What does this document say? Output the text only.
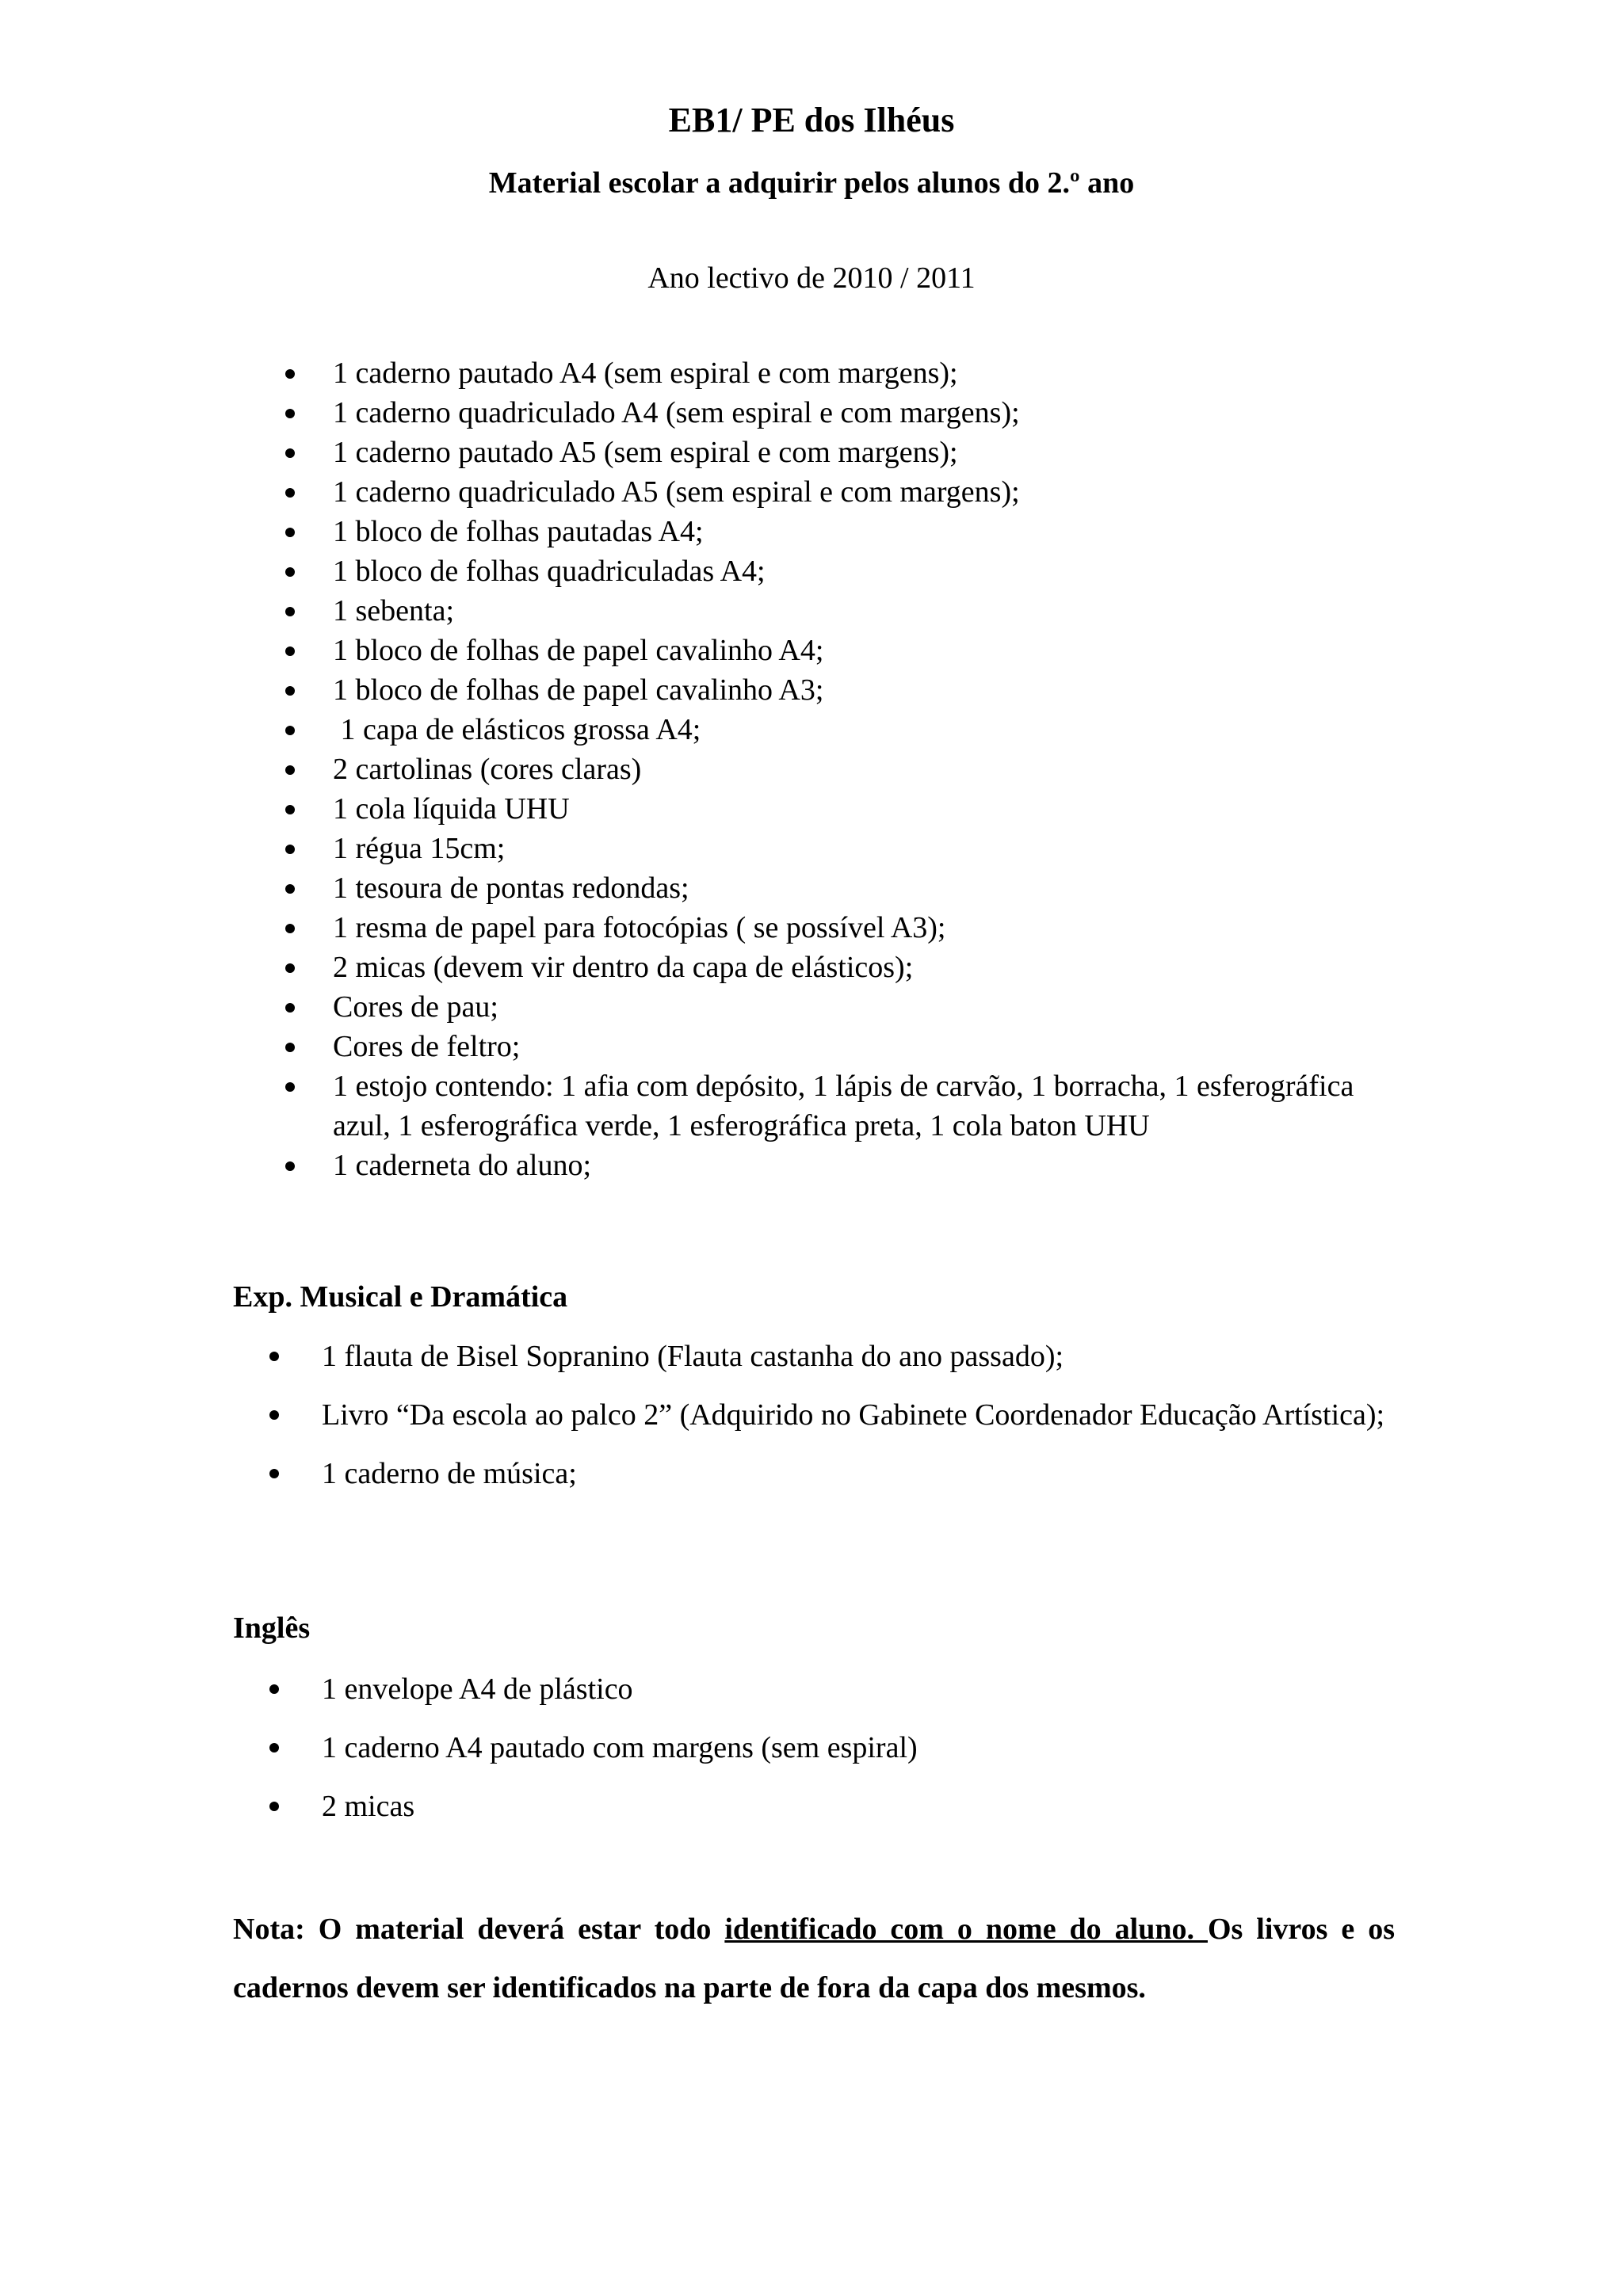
EB1/ PE dos Ilhéus
Material escolar a adquirir pelos alunos do 2.º ano
Ano lectivo de 2010 / 2011
1 caderno pautado A4 (sem espiral e com margens);
1 caderno quadriculado A4 (sem espiral e com margens);
1 caderno pautado A5 (sem espiral e com margens);
1 caderno quadriculado A5 (sem espiral e com margens);
1 bloco de folhas pautadas A4;
1 bloco de folhas quadriculadas A4;
1 sebenta;
1 bloco de folhas de papel cavalinho A4;
1 bloco de folhas de papel cavalinho A3;
1 capa de elásticos grossa A4;
2 cartolinas (cores claras)
1 cola líquida UHU
1 régua 15cm;
1 tesoura de pontas redondas;
1 resma de papel para fotocópias ( se possível A3);
2 micas (devem vir dentro da capa de elásticos);
Cores de pau;
Cores de feltro;
1 estojo contendo: 1 afia com depósito, 1 lápis de carvão, 1 borracha, 1 esferográfica azul, 1 esferográfica verde, 1 esferográfica preta, 1 cola baton UHU
1 caderneta do aluno;
Exp. Musical e Dramática
1 flauta de Bisel Sopranino (Flauta castanha do ano passado);
Livro “Da escola ao palco 2” (Adquirido no Gabinete Coordenador Educação Artística);
1 caderno de música;
Inglês
1 envelope A4 de plástico
1 caderno A4 pautado com margens (sem espiral)
2 micas
Nota: O material deverá estar todo identificado com o nome do aluno. Os livros e os cadernos devem ser identificados na parte de fora da capa dos mesmos.
